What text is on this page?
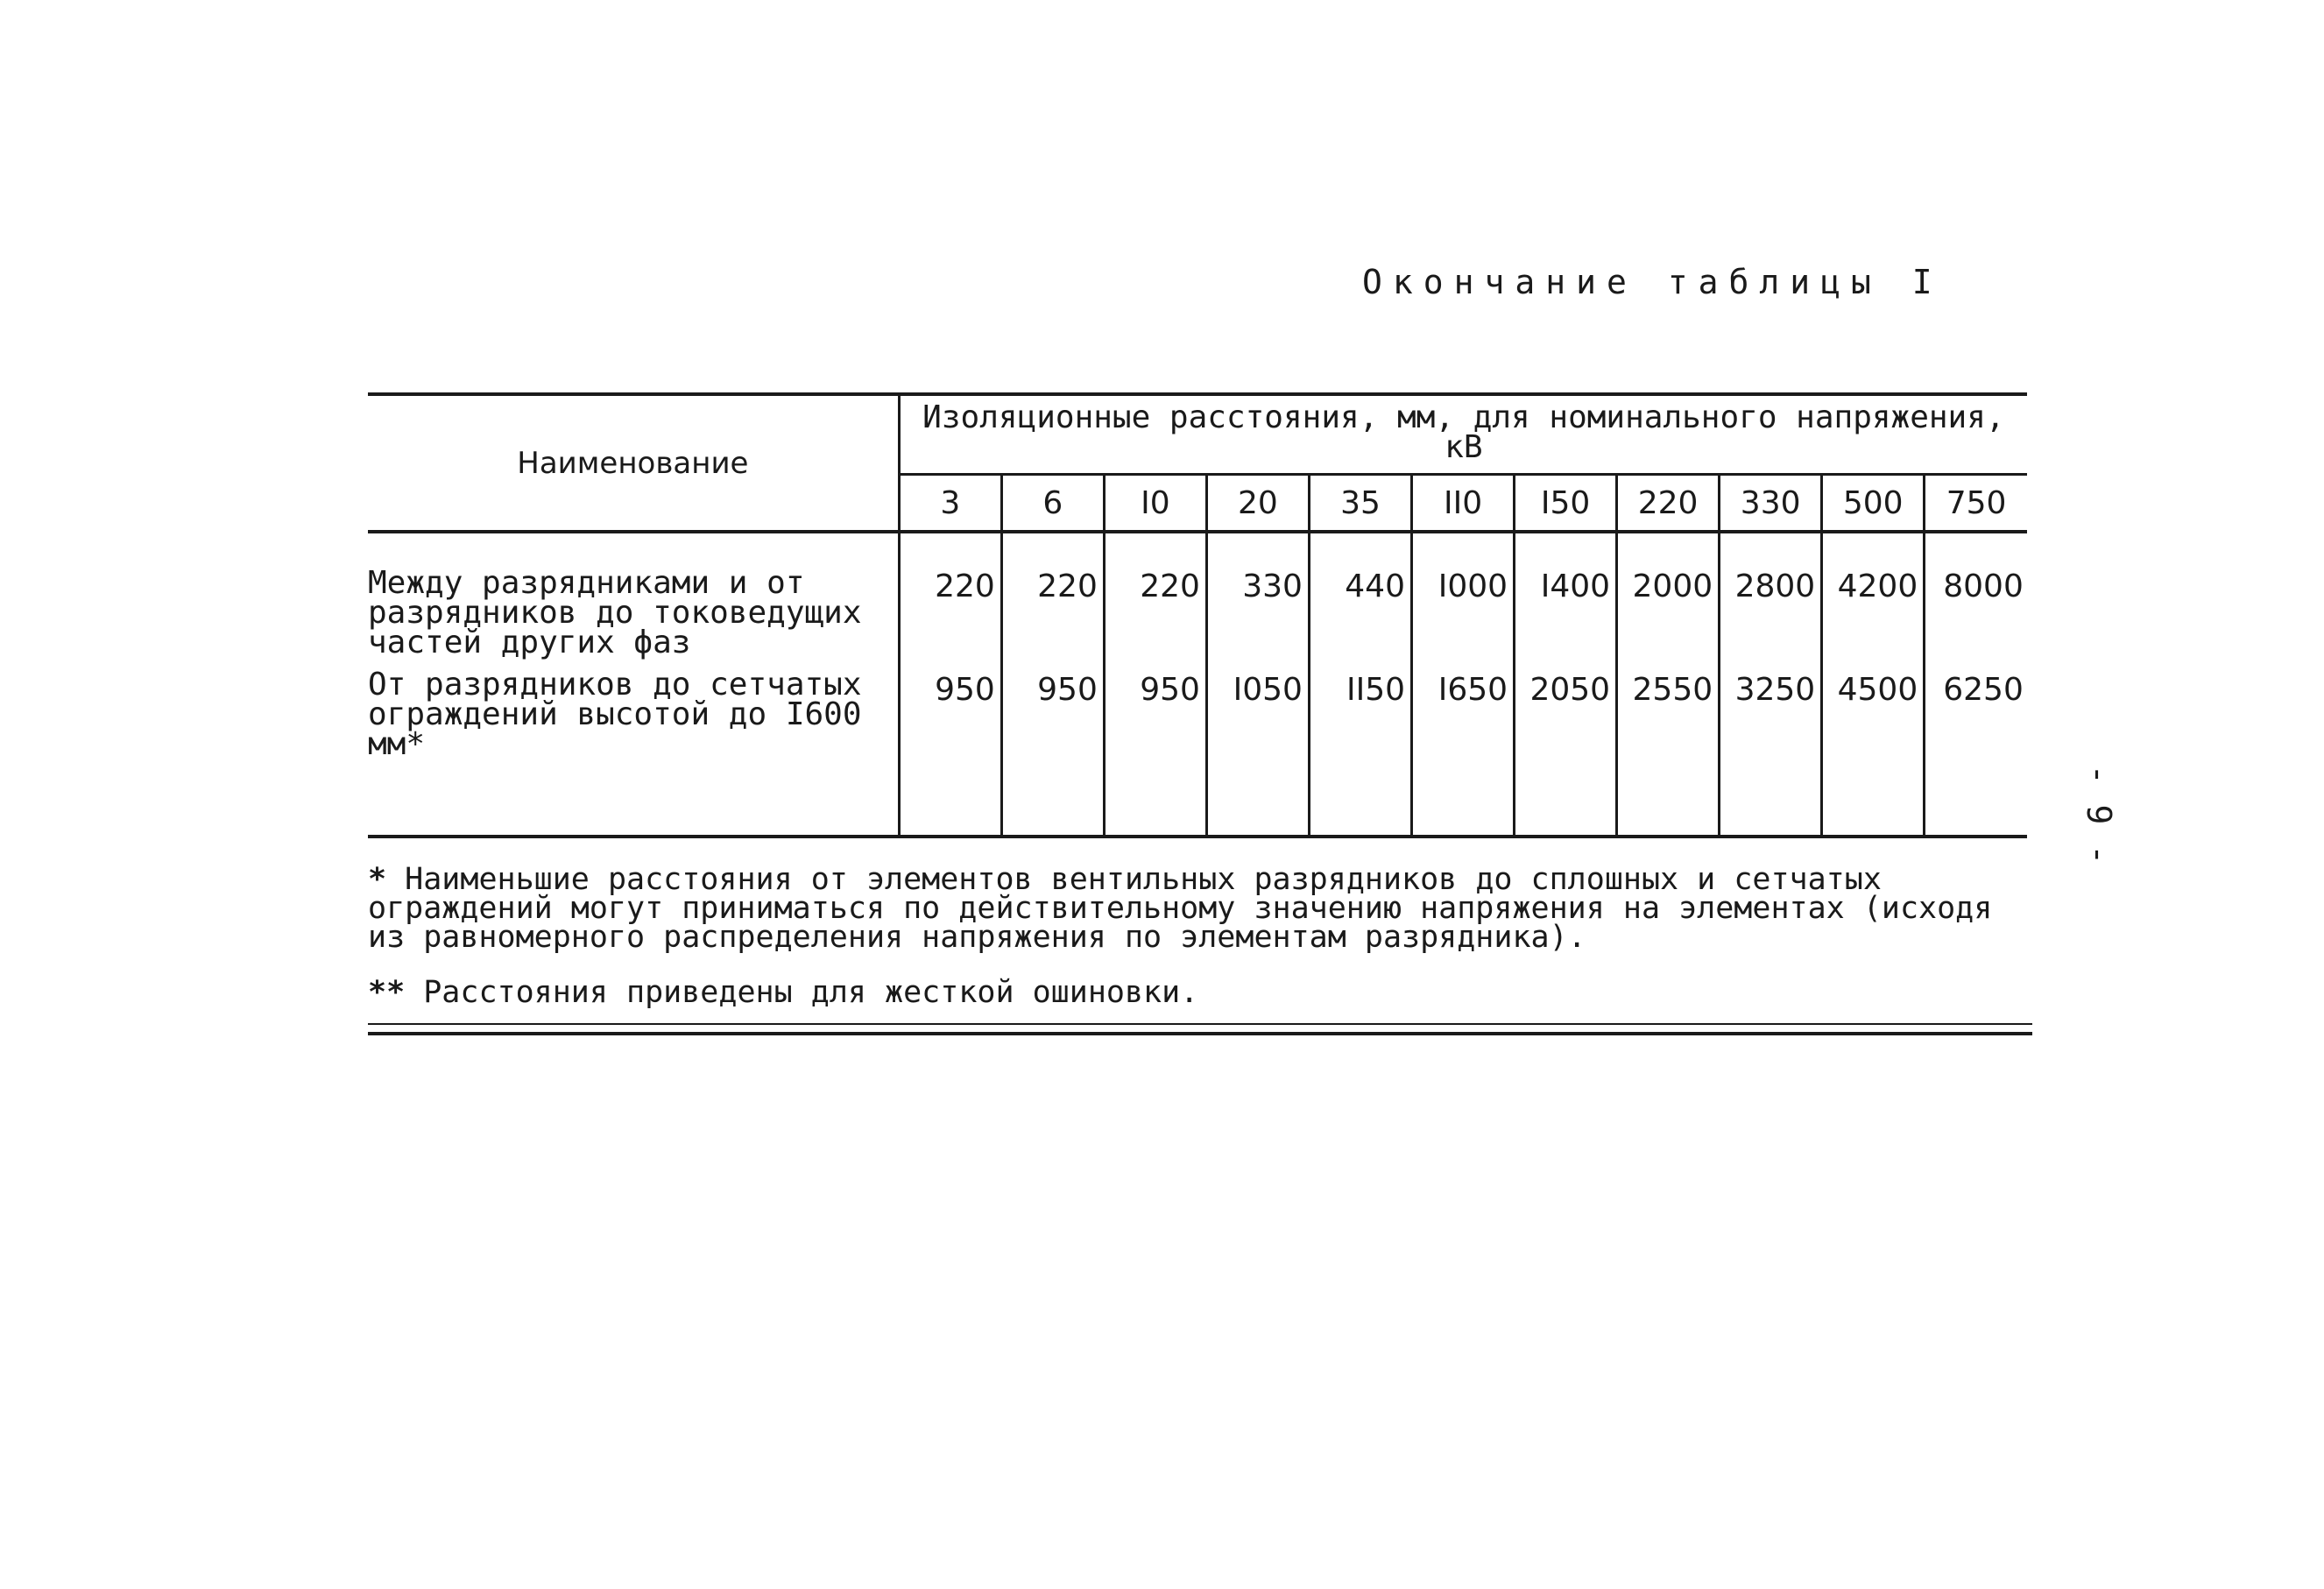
Окончание таблицы I
- 9 -
Наименование	Изоляционные расстояния, мм, для номинального напряжения, кВ										
	3	6	I0	20	35	II0	I50	220	330	500	750
Между разрядниками и от разрядников до токоведущих частей других фаз	220	220	220	330	440	I000	I400	2000	2800	4200	8000
От разрядников до сетчатых ограждений высотой до I600 мм*	950	950	950	I050	II50	I650	2050	2550	3250	4500	6250

* Наименьшие расстояния от элементов вентильных разрядников до сплошных и сетчатых ограждений могут приниматься по действительному значению напряжения на элементах (исходя из равномерного распределения напряжения по элементам разрядника).

** Расстояния приведены для жесткой ошиновки.
